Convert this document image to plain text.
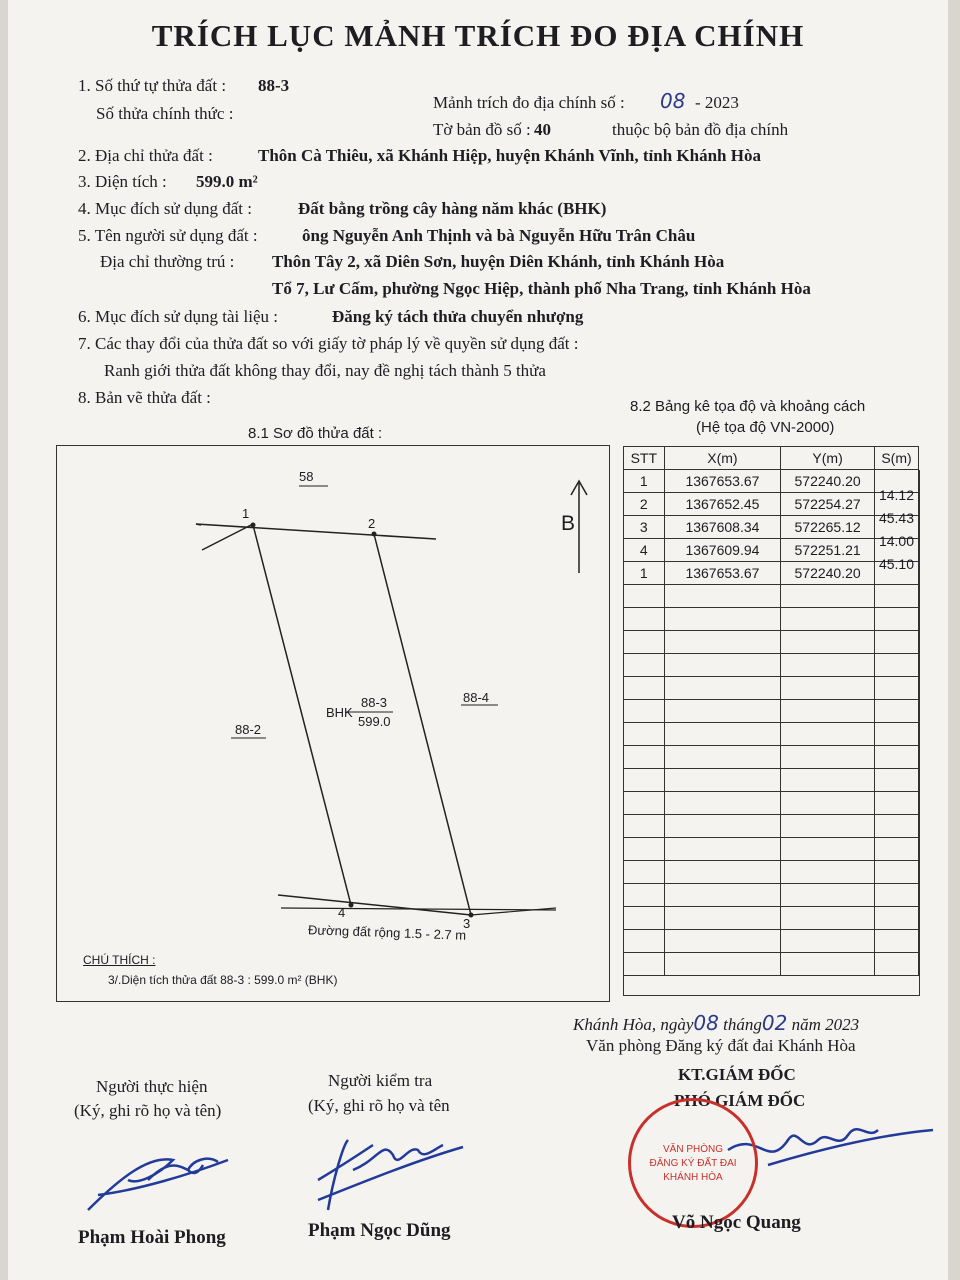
TRÍCH LỤC MẢNH TRÍCH ĐO ĐỊA CHÍNH
1. Số thứ tự thửa đất : 88-3
Số thửa chính thức :
Mảnh trích đo địa chính số : 08 - 2023
Tờ bản đồ số : 40	thuộc bộ bản đồ địa chính
2. Địa chỉ thửa đất :	Thôn Cà Thiêu, xã Khánh Hiệp, huyện Khánh Vĩnh, tỉnh Khánh Hòa
3. Diện tích : 599.0 m²
4. Mục đích sử dụng đất :	Đất bằng trồng cây hàng năm khác (BHK)
5. Tên người sử dụng đất :	ông Nguyễn Anh Thịnh và bà Nguyễn Hữu Trân Châu
Địa chỉ thường trú : Thôn Tây 2, xã Diên Sơn, huyện Diên Khánh, tỉnh Khánh Hòa
Tổ 7, Lư Cấm, phường Ngọc Hiệp, thành phố Nha Trang, tỉnh Khánh Hòa
6. Mục đích sử dụng tài liệu :	Đăng ký tách thửa chuyển nhượng
7. Các thay đổi của thửa đất so với giấy tờ pháp lý về quyền sử dụng đất :
Ranh giới thửa đất không thay đổi, nay đề nghị tách thành 5 thửa
8. Bản vẽ thửa đất :	8.2 Bảng kê tọa độ và khoảng cách
(Hệ tọa độ VN-2000)
8.1 Sơ đồ thửa đất :
58
88-2
88-4
BHK
88-3
599.0
1
2
3
4
Đường đất rộng 1.5 - 2.7 m
B
CHÚ THÍCH :
3/.Diện tích thửa đất 88-3 : 599.0 m² (BHK)
STT	X(m)	Y(m)	S(m)
1	1367653.67	572240.20	14.12
2	1367652.45	572254.27	45.43
3	1367608.34	572265.12	14.00
4	1367609.94	572251.21	45.10
1	1367653.67	572240.20	

Khánh Hòa, ngày08 tháng02 năm 2023
Văn phòng Đăng ký đất đai Khánh Hòa
KT.GIÁM ĐỐC
PHÓ GIÁM ĐỐC
Người thực hiện
(Ký, ghi rõ họ và tên)
Người kiểm tra
(Ký, ghi rõ họ và tên
VĂN PHÒNG
ĐĂNG KÝ ĐẤT ĐAI
KHÁNH HÒA
Phạm Hoài Phong	Phạm Ngọc Dũng	Võ Ngọc Quang
